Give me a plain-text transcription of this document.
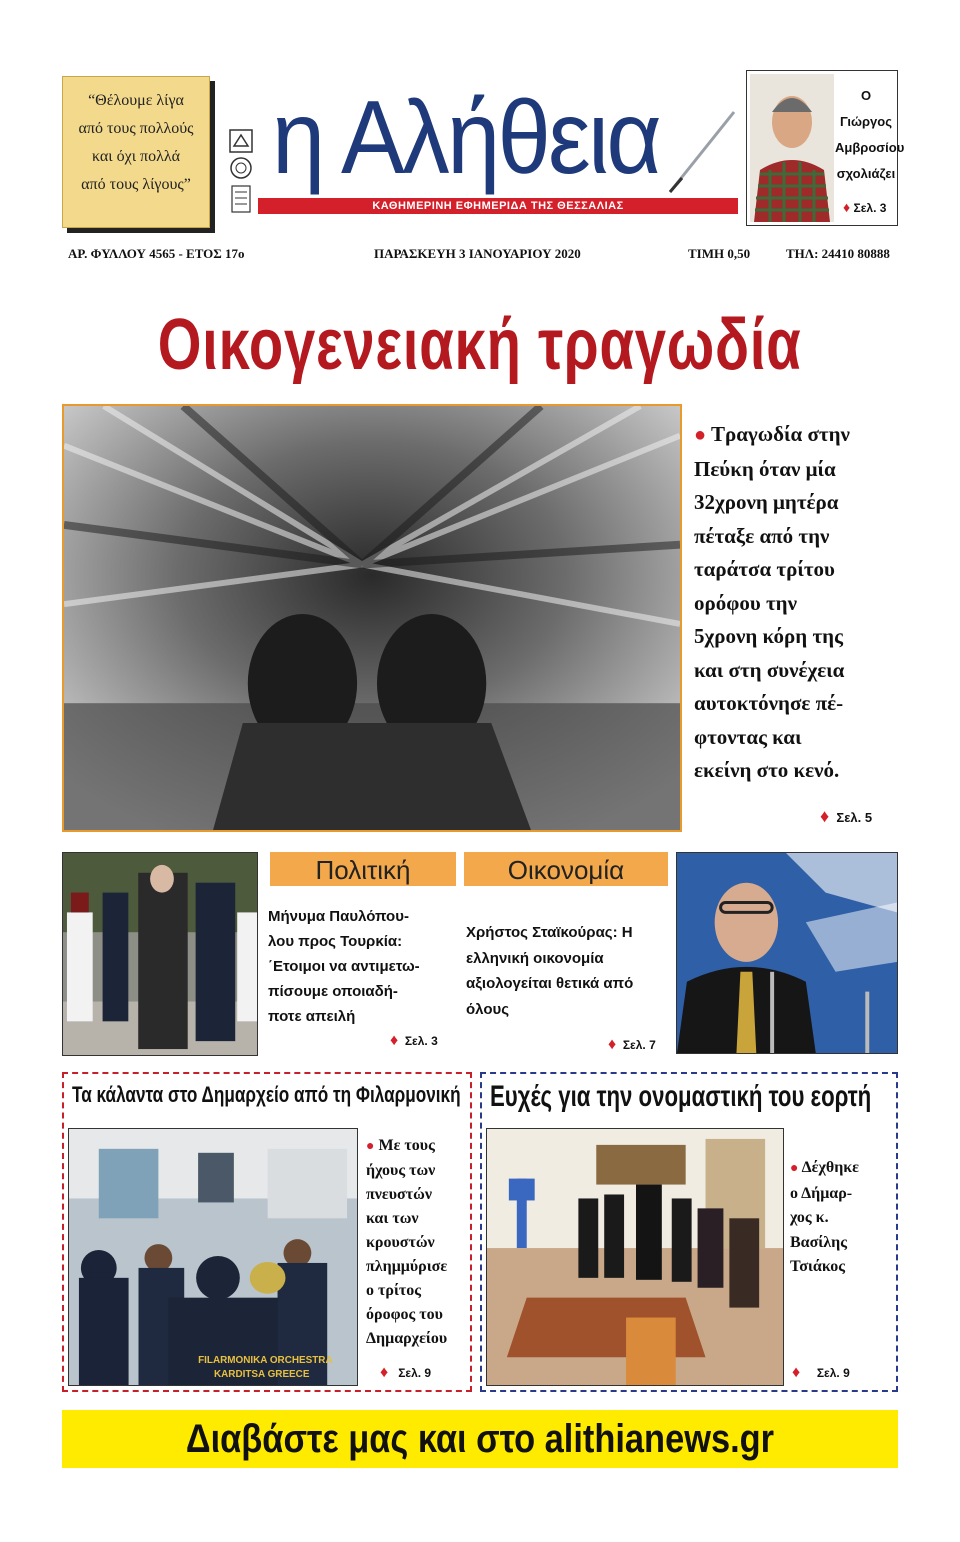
“Θέλουμε λίγα
από τους πολλούς
και όχι πολλά
από τους λίγους” η Αλήθεια
ΚΑΘΗΜΕΡΙΝΗ ΕΦΗΜΕΡΙΔΑ ΤΗΣ ΘΕΣΣΑΛΙΑΣ
Ο Γιώργος
Αμβροσίου
σχολιάζει
♦ Σελ. 3
ΑΡ. ΦΥΛΛΟΥ 4565 - ΕΤΟΣ 17ο	ΠΑΡΑΣΚΕΥΗ 3 ΙΑΝΟΥΑΡΙΟΥ 2020	ΤΙΜΗ 0,50	ΤΗΛ: 24410 80888
Οικογενειακή τραγωδία
● Τραγωδία στην
Πεύκη όταν μία
32χρονη μητέρα
πέταξε από την
ταράτσα τρίτου
ορόφου την
5χρονη κόρη της
και στη συνέχεια
αυτοκτόνησε πέ-
φτοντας και
εκείνη στο κενό.
♦ Σελ. 5
Πολιτική	Οικονομία
Μήνυμα Παυλόπου-
λου προς Τουρκία:
΄Ετοιμοι να αντιμετω-
πίσουμε οποιαδή-
ποτε απειλή
♦ Σελ. 3
Χρήστος Σταϊκούρας: Η
ελληνική οικονομία
αξιολογείται θετικά από
όλους
♦ Σελ. 7
Τα κάλαντα στο Δημαρχείο από τη Φιλαρμονική Ευχές για την ονομαστική του εορτή
FILARMONIKA ORCHESTRA
KARDITSA GREECE
● Με τους
ήχους των
πνευστών
και των
κρουστών
πλημμύρισε
ο τρίτος
όροφος του
Δημαρχείου
♦ Σελ. 9
● Δέχθηκε
ο Δήμαρ-
χος κ.
Βασίλης
Τσιάκος
♦ Σελ. 9
Διαβάστε μας και στο alithianews.gr
